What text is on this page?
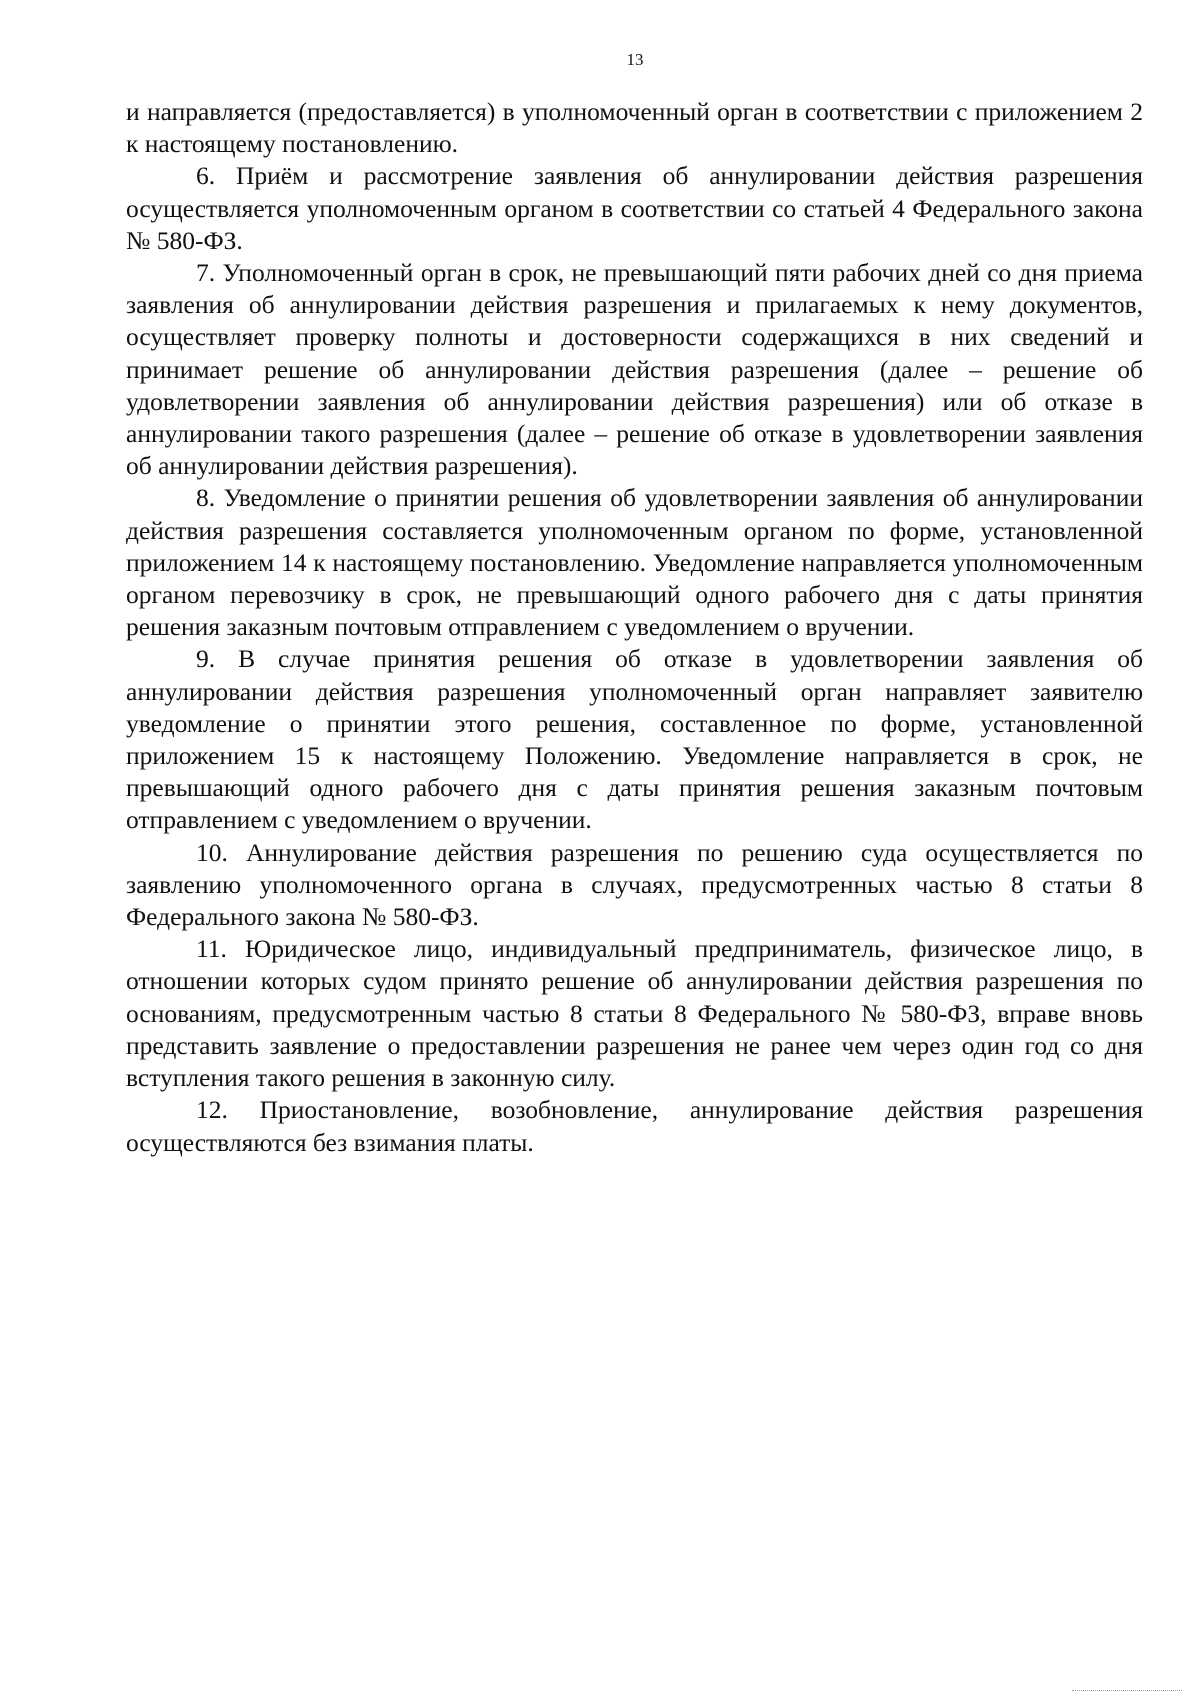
13

и направляется (предоставляется) в уполномоченный орган в соответствии с приложением 2 к настоящему постановлению.

6. Приём и рассмотрение заявления об аннулировании действия разрешения осуществляется уполномоченным органом в соответствии со статьей 4 Федерального закона № 580-ФЗ.

7. Уполномоченный орган в срок, не превышающий пяти рабочих дней со дня приема заявления об аннулировании действия разрешения и прилагаемых к нему документов, осуществляет проверку полноты и достоверности содержащихся в них сведений и принимает решение об аннулировании действия разрешения (далее – решение об удовлетворении заявления об аннулировании действия разрешения) или об отказе в аннулировании такого разрешения (далее – решение об отказе в удовлетворении заявления об аннулировании действия разрешения).

8. Уведомление о принятии решения об удовлетворении заявления об аннулировании действия разрешения составляется уполномоченным органом по форме, установленной приложением 14 к настоящему постановлению. Уведомление направляется уполномоченным органом перевозчику в срок, не превышающий одного рабочего дня с даты принятия решения заказным почтовым отправлением с уведомлением о вручении.

9. В случае принятия решения об отказе в удовлетворении заявления об аннулировании действия разрешения уполномоченный орган направляет заявителю уведомление о принятии этого решения, составленное по форме, установленной приложением 15 к настоящему Положению. Уведомление направляется в срок, не превышающий одного рабочего дня с даты принятия решения заказным почтовым отправлением с уведомлением о вручении.

10. Аннулирование действия разрешения по решению суда осуществляется по заявлению уполномоченного органа в случаях, предусмотренных частью 8 статьи 8 Федерального закона № 580-ФЗ.

11. Юридическое лицо, индивидуальный предприниматель, физическое лицо, в отношении которых судом принято решение об аннулировании действия разрешения по основаниям, предусмотренным частью 8 статьи 8 Федерального № 580-ФЗ, вправе вновь представить заявление о предоставлении разрешения не ранее чем через один год со дня вступления такого решения в законную силу.

12. Приостановление, возобновление, аннулирование действия разрешения осуществляются без взимания платы.
